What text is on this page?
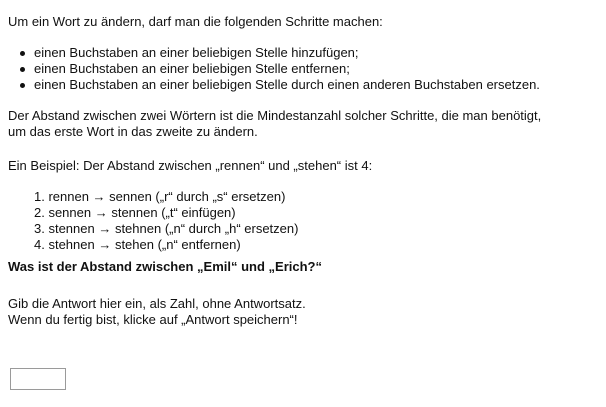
Um ein Wort zu ändern, darf man die folgenden Schritte machen:

einen Buchstaben an einer beliebigen Stelle hinzufügen;
einen Buchstaben an einer beliebigen Stelle entfernen;
einen Buchstaben an einer beliebigen Stelle durch einen anderen Buchstaben ersetzen.

Der Abstand zwischen zwei Wörtern ist die Mindestanzahl solcher Schritte, die man benötigt,
um das erste Wort in das zweite zu ändern.

Ein Beispiel: Der Abstand zwischen „rennen“ und „stehen“ ist 4:

1. rennen → sennen („r“ durch „s“ ersetzen)
2. sennen → stennen („t“ einfügen)
3. stennen → stehnen („n“ durch „h“ ersetzen)
4. stehnen → stehen („n“ entfernen)

Was ist der Abstand zwischen „Emil“ und „Erich?“

Gib die Antwort hier ein, als Zahl, ohne Antwortsatz.
Wenn du fertig bist, klicke auf „Antwort speichern“!
